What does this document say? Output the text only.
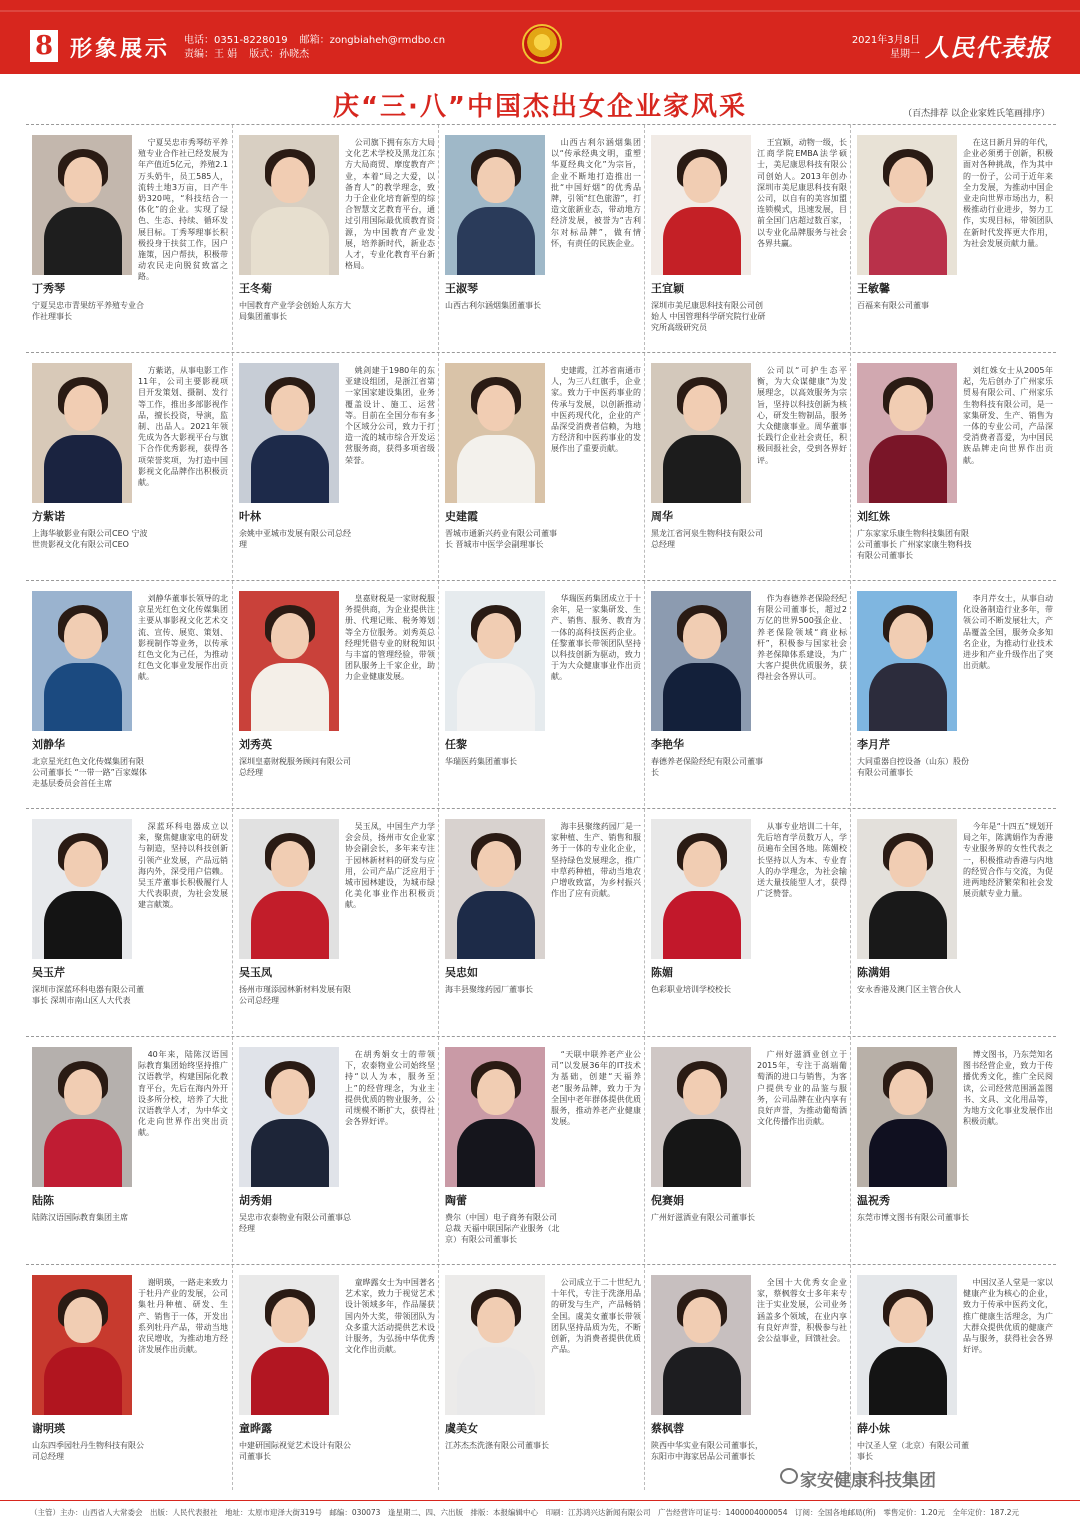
8 形象展示 电话：0351-8228019 邮箱：zongbiaheh@rmdbo.cn
责编：王 娟 版式：孙晓杰
2021年3月8日
星期一 人民代表报
庆“三·八”中国杰出女企业家风采	（百杰排荐 以企业家姓氏笔画排序）
宁夏吴忠市秀琴纺平养殖专业合作社已经发展为年产值近5亿元，养殖2.1万头奶牛，员工585人，流转土地3万亩，日产牛奶320吨，“科技结合一体化”的企业。实现了绿色、生态、持续、循环发展目标。丁秀琴理事长积极投身于扶贫工作，因户施策，因户帮扶，积极带动农民走向脱贫致富之路。
丁秀琴
宁夏吴忠市青果纺平养殖专业合作社理事长
公司旗下拥有东方大局文化艺术学校及黑龙江东方大局商贸、摩度教育产业，本着“局之大爱，以备育人”的教学理念，致力于企业化培育新型的综合智慧文艺教育平台，通过引用国际最优质教育资源，为中国教育产业发展，培养新时代，新业态人才，专业化教育平台新格局。
王冬菊
中国教育产业学会创始人东方大局集团董事长
山西古利尔涵烟集团以“传承经典文明，重塑华夏经典文化”为宗旨，企业不断地打造推出一批“中国好烟”的优秀品牌，引领“红色旅游”，打造文旅新业态，带动地方经济发展，被誉为“吉利尔对标品牌”，做有情怀，有责任的民族企业。
王淑琴
山西古利尔涵烟集团董事长
王宜颖，动物一级，长江商学院EMBA法学硕士，美尼康思科技有限公司创始人。2013年创办深圳市美尼康思科技有限公司，以自有的美容加盟连锁模式，迅速发展，目前全国门店超过数百家，以专业化品牌服务与社会各界共赢。
王宜颖
深圳市美尼康思科技有限公司创始人 中国管理科学研究院行业研究所高级研究员
在这日新月异的年代，企业必须勇于创新，积极面对各种挑战，作为其中的一份子，公司于近年来全力发展，为推动中国企业走向世界市场出力，积极推动行业进步，努力工作，实现目标，带领团队在新时代发挥更大作用，为社会发展贡献力量。
王敏馨
百福来有限公司董事
方紫诺，从事电影工作11年，公司主要影视项目开发策划、摄制、发行等工作，推出多部影视作品，擅长投资，导演，监制、出品人。2021年领先成为各大影视平台与旗下合作优秀影视，获得各项荣誉奖项，为打造中国影视文化品牌作出积极贡献。
方紫诺
上海华敏影业有限公司CEO 宁波世贵影视文化有限公司CEO
姚剑建于1980年的东亚建设组团，是浙江省第一家国家建设集团，业务覆盖设计、施工、运营等。目前在全国分布有多个区域分公司，致力于打造一流的城市综合开发运营服务商，获得多项省级荣誉。
叶林
余姚中亚城市发展有限公司总经理
史建霞，江苏省南通市人，为三八红旗手，企业家。致力于中医药事业的传承与发展，以创新推动中医药现代化，企业的产品深受消费者信赖，为地方经济和中医药事业的发展作出了重要贡献。
史建霞
晋城市通新兴药业有限公司董事长 晋城市中医学会副理事长
公司以“可护生态平衡，为大众谋健康”为发展理念，以高效服务为宗旨，坚持以科技创新为核心，研发生物制品，服务大众健康事业。周华董事长践行企业社会责任，积极回报社会，受到各界好评。
周华
黑龙江省河泉生物科技有限公司总经理
刘红姝女士从2005年起，先后创办了广州家乐贸易有限公司、广州家乐生物科技有限公司，是一家集研发、生产、销售为一体的专业公司，产品深受消费者喜爱，为中国民族品牌走向世界作出贡献。
刘红姝
广东家家乐康生物科技集团有限公司董事长 广州家家康生物科技有限公司董事长
刘静华董事长领导的北京星光红色文化传媒集团主要从事影视文化艺术交流、宣传、展览、策划、影视制作等业务，以传承红色文化为己任，为推动红色文化事业发展作出贡献。
刘静华
北京星光红色文化传媒集团有限公司董事长 “一带一路”百家媒体走基层委员会首任主席
皇嘉财税是一家财税服务提供商，为企业提供注册、代理记账、税务筹划等全方位服务。刘秀英总经理凭借专业的财税知识与丰富的管理经验，带领团队服务上千家企业，助力企业健康发展。
刘秀英
深圳皇嘉财税服务顾问有限公司总经理
华瑞医药集团成立于十余年，是一家集研发、生产、销售、服务、教育为一体的高科技医药企业。任黎董事长带领团队坚持以科技创新为驱动，致力于为大众健康事业作出贡献。
任黎
华瑞医药集团董事长
作为春德养老保险经纪有限公司董事长，超过2万亿的世界500强企业、养老保险领域“商业标杆”，积极参与国家社会养老保障体系建设，为广大客户提供优质服务，获得社会各界认可。
李艳华
春德养老保险经纪有限公司董事长
李月芹女士，从事自动化设备制造行业多年，带领公司不断发展壮大，产品覆盖全国，服务众多知名企业，为推动行业技术进步和产业升级作出了突出贡献。
李月芹
大同重器自控设备（山东）股份有限公司董事长
深蓝环科电器成立以来，聚焦健康家电的研发与制造，坚持以科技创新引领产业发展，产品远销海内外，深受用户信赖。吴玉芹董事长积极履行人大代表职责，为社会发展建言献策。
吴玉芹
深圳市深蓝环科电器有限公司董事长 深圳市南山区人大代表
吴玉凤，中国生产力学会会员，扬州市女企业家协会副会长，多年来专注于园林新材料的研发与应用，公司产品广泛应用于城市园林建设，为城市绿化美化事业作出积极贡献。
吴玉凤
扬州市瑾添园林新材料发展有限公司总经理
海丰县聚缘药园厂是一家种植、生产、销售和服务于一体的专业化企业，坚持绿色发展理念，推广中草药种植，带动当地农户增收致富，为乡村振兴作出了应有贡献。
吴忠如
海丰县聚缘药园厂董事长
从事专业培训二十年，先后培育学员数万人，学员遍布全国各地。陈媚校长坚持以人为本、专业育人的办学理念，为社会输送大量技能型人才，获得广泛赞誉。
陈媚
色彩职业培训学校校长
今年是“十四五”规划开局之年，陈满娟作为香港专业服务界的女性代表之一，积极推动香港与内地的经贸合作与交流，为促进两地经济繁荣和社会发展贡献专业力量。
陈满娟
安永香港及澳门区主管合伙人
40年来，陆陈汉语国际教育集团始终坚持推广汉语教学，构建国际化教育平台，先后在海内外开设多所分校，培养了大批汉语教学人才，为中华文化走向世界作出突出贡献。
陆陈
陆陈汉语国际教育集团主席
在胡秀娟女士的带领下，农泰物业公司始终坚持“以人为本，服务至上”的经营理念，为业主提供优质的物业服务，公司规模不断扩大，获得社会各界好评。
胡秀娟
吴忠市农泰物业有限公司董事总经理
“天联中联养老产业公司”以发展36年的IT技术为基础，创建“天福养老”服务品牌，致力于为全国中老年群体提供优质服务，推动养老产业健康发展。
陶蕾
费尔（中国）电子商务有限公司总裁 天福中联国际产业服务（北京）有限公司董事长
广州好滋酒业创立于2015年，专注于高端葡萄酒的进口与销售，为客户提供专业的品鉴与服务，公司品牌在业内享有良好声誉，为推动葡萄酒文化传播作出贡献。
倪赛娟
广州好滋酒业有限公司董事长
博文图书，乃东莞知名图书经营企业，致力于传播优秀文化，推广全民阅读，公司经营范围涵盖图书、文具、文化用品等，为地方文化事业发展作出积极贡献。
温祝秀
东莞市博文图书有限公司董事长
谢明瑛，一路走来致力于牡丹产业的发展，公司集牡丹种植、研发、生产、销售于一体，开发出系列牡丹产品，带动当地农民增收，为推动地方经济发展作出贡献。
谢明瑛
山东四季园牡丹生物科技有限公司总经理
童晔露女士为中国著名艺术家，致力于视觉艺术设计领域多年，作品屡获国内外大奖，带领团队为众多重大活动提供艺术设计服务，为弘扬中华优秀文化作出贡献。
童晔露
中建研国际视觉艺术设计有限公司董事长
公司成立于二十世纪九十年代，专注于洗涤用品的研发与生产，产品畅销全国。虞美女董事长带领团队坚持品质为先，不断创新，为消费者提供优质产品。
虞美女
江苏杰杰洗涤有限公司董事长
全国十大优秀女企业家，蔡枫蓉女士多年来专注于实业发展，公司业务涵盖多个领域，在业内享有良好声誉，积极参与社会公益事业，回馈社会。
蔡枫蓉
陕西中华实业有限公司董事长，东阳市中海家居品公司董事长
中国汉圣人堂是一家以健康产业为核心的企业，致力于传承中医药文化，推广健康生活理念，为广大群众提供优质的健康产品与服务，获得社会各界好评。
薛小妹
中汉圣人堂（北京）有限公司董事长
家安健康科技集团
（主管）主办：山西省人大常委会　出版：人民代表报社　地址：太原市迎泽大街319号　邮编：030073　逢星期二、四、六出版　排版：本报编辑中心　印刷：江苏鸿兴达新闻有限公司　广告经营许可证号：1400004000054　订阅：全国各地邮局(所)　零售定价：1.20元　全年定价：187.2元
